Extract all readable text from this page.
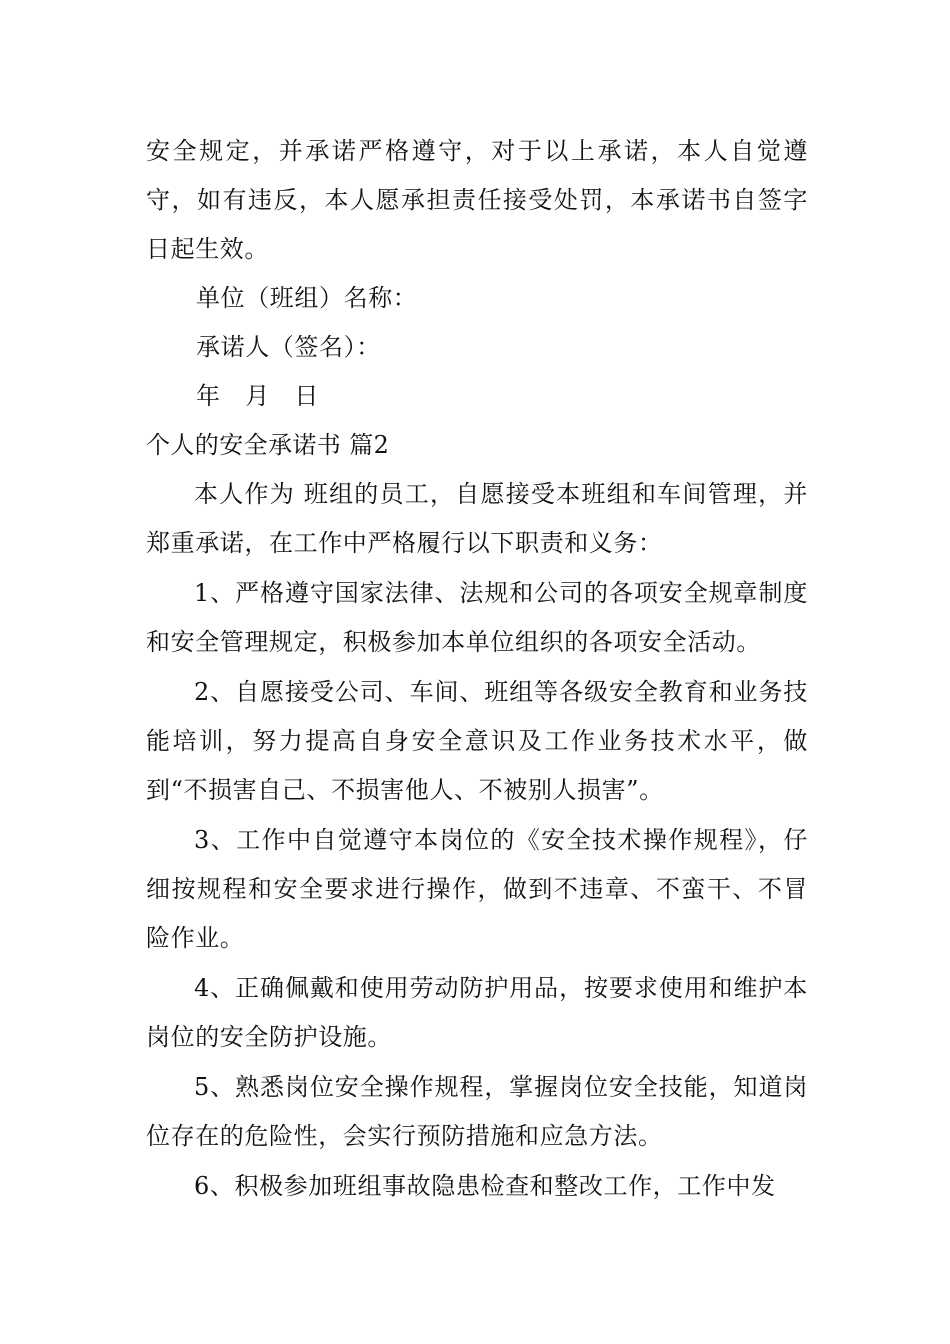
安全规定，并承诺严格遵守，对于以上承诺，本人自觉遵守，如有违反，本人愿承担责任接受处罚，本承诺书自签字日起生效。

单位（班组）名称：

承诺人（签名）：

年　月　日

个人的安全承诺书 篇2

本人作为 班组的员工，自愿接受本班组和车间管理，并郑重承诺，在工作中严格履行以下职责和义务：

1、严格遵守国家法律、法规和公司的各项安全规章制度和安全管理规定，积极参加本单位组织的各项安全活动。

2、自愿接受公司、车间、班组等各级安全教育和业务技能培训，努力提高自身安全意识及工作业务技术水平，做到“不损害自己、不损害他人、不被别人损害”。

3、工作中自觉遵守本岗位的《安全技术操作规程》，仔细按规程和安全要求进行操作，做到不违章、不蛮干、不冒险作业。

4、正确佩戴和使用劳动防护用品，按要求使用和维护本岗位的安全防护设施。

5、熟悉岗位安全操作规程，掌握岗位安全技能，知道岗位存在的危险性，会实行预防措施和应急方法。

6、积极参加班组事故隐患检查和整改工作，工作中发
